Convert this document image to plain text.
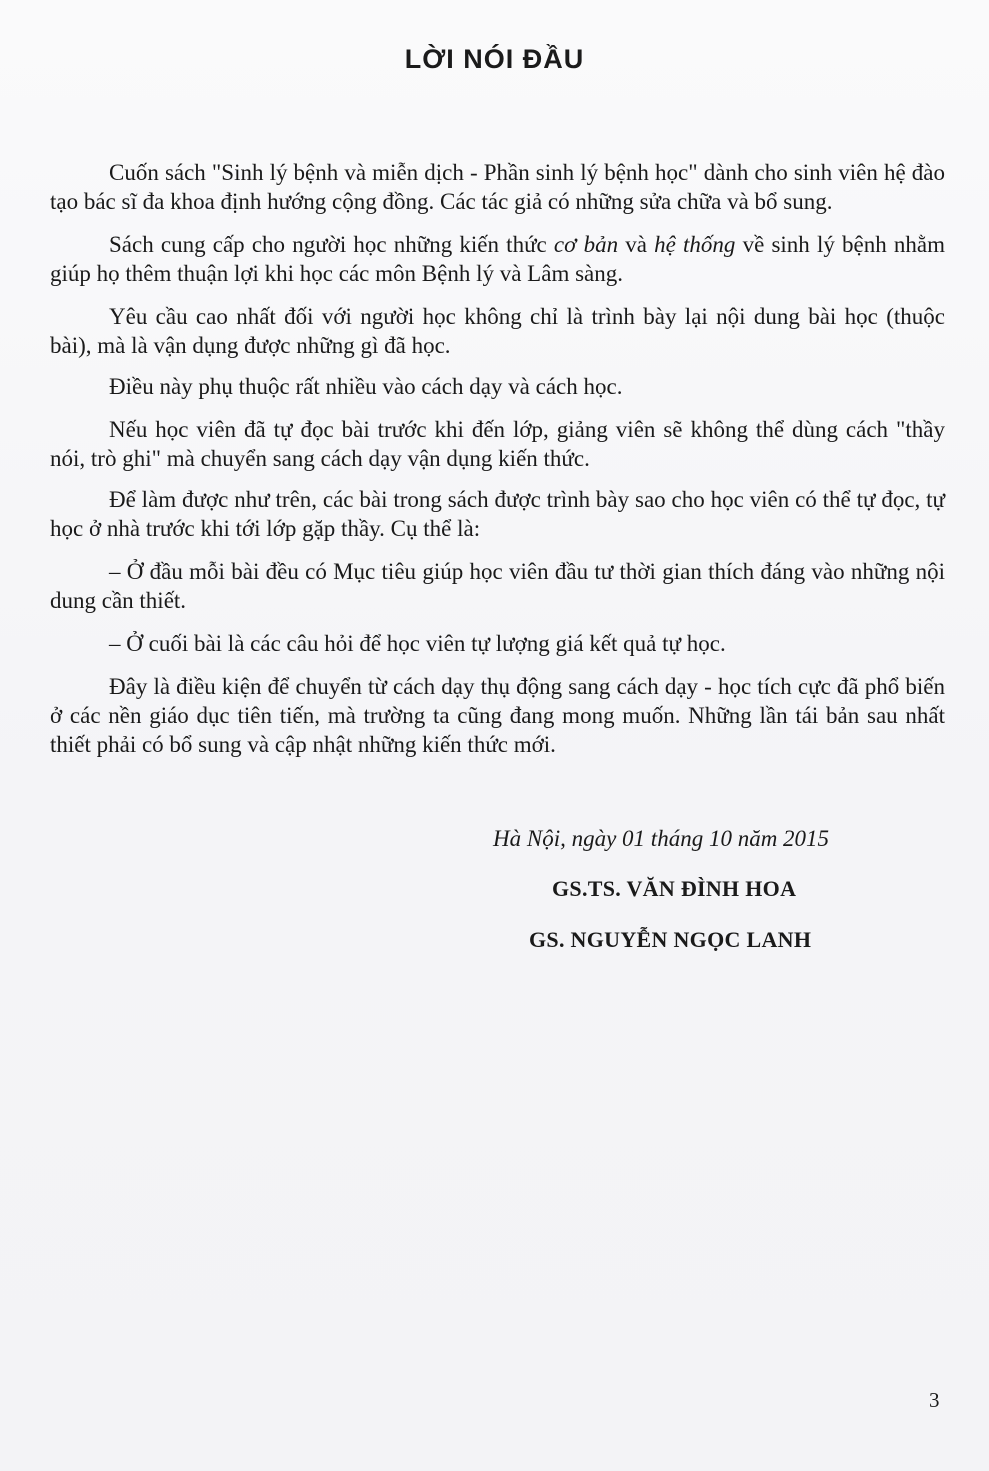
LỜI NÓI ĐẦU

Cuốn sách "Sinh lý bệnh và miễn dịch - Phần sinh lý bệnh học" dành cho sinh viên hệ đào tạo bác sĩ đa khoa định hướng cộng đồng. Các tác giả có những sửa chữa và bổ sung.

Sách cung cấp cho người học những kiến thức cơ bản và hệ thống về sinh lý bệnh nhằm giúp họ thêm thuận lợi khi học các môn Bệnh lý và Lâm sàng.

Yêu cầu cao nhất đối với người học không chỉ là trình bày lại nội dung bài học (thuộc bài), mà là vận dụng được những gì đã học.

Điều này phụ thuộc rất nhiều vào cách dạy và cách học.

Nếu học viên đã tự đọc bài trước khi đến lớp, giảng viên sẽ không thể dùng cách "thầy nói, trò ghi" mà chuyển sang cách dạy vận dụng kiến thức.

Để làm được như trên, các bài trong sách được trình bày sao cho học viên có thể tự đọc, tự học ở nhà trước khi tới lớp gặp thầy. Cụ thể là:

– Ở đầu mỗi bài đều có Mục tiêu giúp học viên đầu tư thời gian thích đáng vào những nội dung cần thiết.

– Ở cuối bài là các câu hỏi để học viên tự lượng giá kết quả tự học.

Đây là điều kiện để chuyển từ cách dạy thụ động sang cách dạy - học tích cực đã phổ biến ở các nền giáo dục tiên tiến, mà trường ta cũng đang mong muốn. Những lần tái bản sau nhất thiết phải có bổ sung và cập nhật những kiến thức mới.

Hà Nội, ngày 01 tháng 10 năm 2015
GS.TS. VĂN ĐÌNH HOA
GS. NGUYỄN NGỌC LANH
3
